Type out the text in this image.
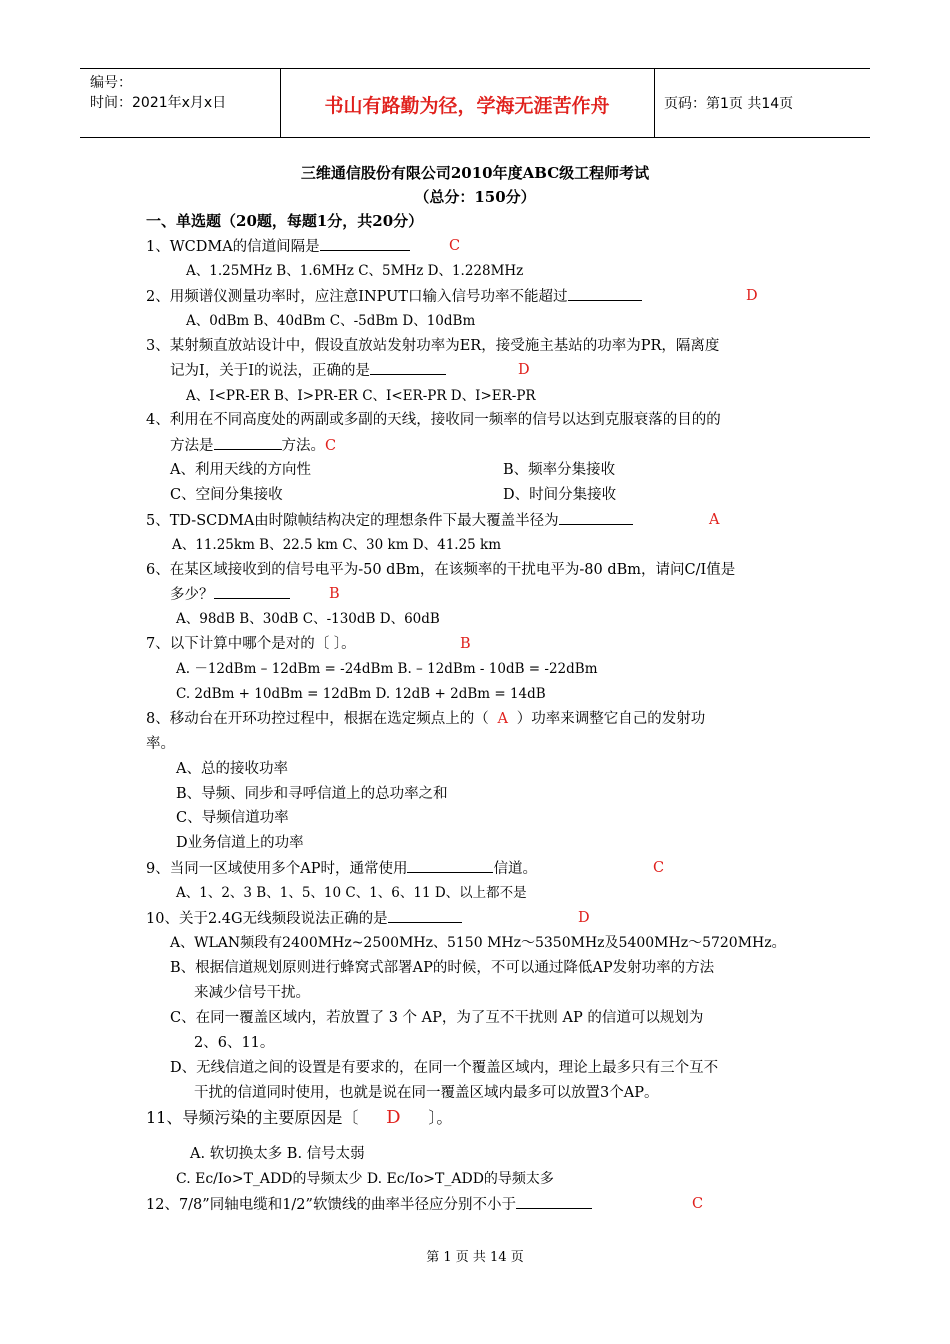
编号：
时间：2021年x月x日	书山有路勤为径，学海无涯苦作舟	页码：第1页 共14页
三维通信股份有限公司2010年度ABC级工程师考试
（总分：150分）
一、单选题（20题，每题1分，共20分）
1、WCDMA的信道间隔是	C
A、1.25MHz B、1.6MHz C、5MHz D、1.228MHz
2、用频谱仪测量功率时，应注意INPUT口输入信号功率不能超过	D
A、0dBm B、40dBm C、-5dBm D、10dBm
3、某射频直放站设计中，假设直放站发射功率为ER，接受施主基站的功率为PR，隔离度
记为I，关于I的说法，正确的是	D
A、I<PR-ER B、I>PR-ER C、I<ER-PR D、I>ER-PR
4、利用在不同高度处的两副或多副的天线，接收同一频率的信号以达到克服衰落的目的的
方法是	方法。C
A、利用天线的方向性	B、频率分集接收
C、空间分集接收	D、时间分集接收
5、TD-SCDMA由时隙帧结构决定的理想条件下最大覆盖半径为	A
A、11.25km B、22.5 km C、30 km D、41.25 km
6、在某区域接收到的信号电平为-50 dBm，在该频率的干扰电平为-80 dBm，请问C/I值是
多少？	B
A、98dB B、30dB C、-130dB D、60dB
7、以下计算中哪个是对的〔 〕。	B
A. －12dBm – 12dBm = -24dBm B. – 12dBm - 10dB = -22dBm
C. 2dBm + 10dBm = 12dBm D. 12dB + 2dBm = 14dB
8、移动台在开环功控过程中，根据在选定频点上的（ A ）功率来调整它自己的发射功
率。
A、总的接收功率
B、导频、同步和寻呼信道上的总功率之和
C、导频信道功率
D业务信道上的功率
9、当同一区域使用多个AP时，通常使用	信道。	C
A、1、2、3 B、1、5、10 C、1、6、11 D、以上都不是
10、关于2.4G无线频段说法正确的是	D
A、WLAN频段有2400MHz~2500MHz、5150 MHz～5350MHz及5400MHz～5720MHz。
B、根据信道规划原则进行蜂窝式部署AP的时候，不可以通过降低AP发射功率的方法
来减少信号干扰。
C、在同一覆盖区域内，若放置了 3 个 AP，为了互不干扰则 AP 的信道可以规划为
2、6、11。
D、无线信道之间的设置是有要求的，在同一个覆盖区域内，理论上最多只有三个互不
干扰的信道同时使用，也就是说在同一覆盖区域内最多可以放置3个AP。
11、导频污染的主要原因是〔 D 〕。
A. 软切换太多 B. 信号太弱
C. Ec/Io>T_ADD的导频太少 D. Ec/Io>T_ADD的导频太多
12、7/8”同轴电缆和1/2”软馈线的曲率半径应分别不小于	C
第 1 页 共 14 页
